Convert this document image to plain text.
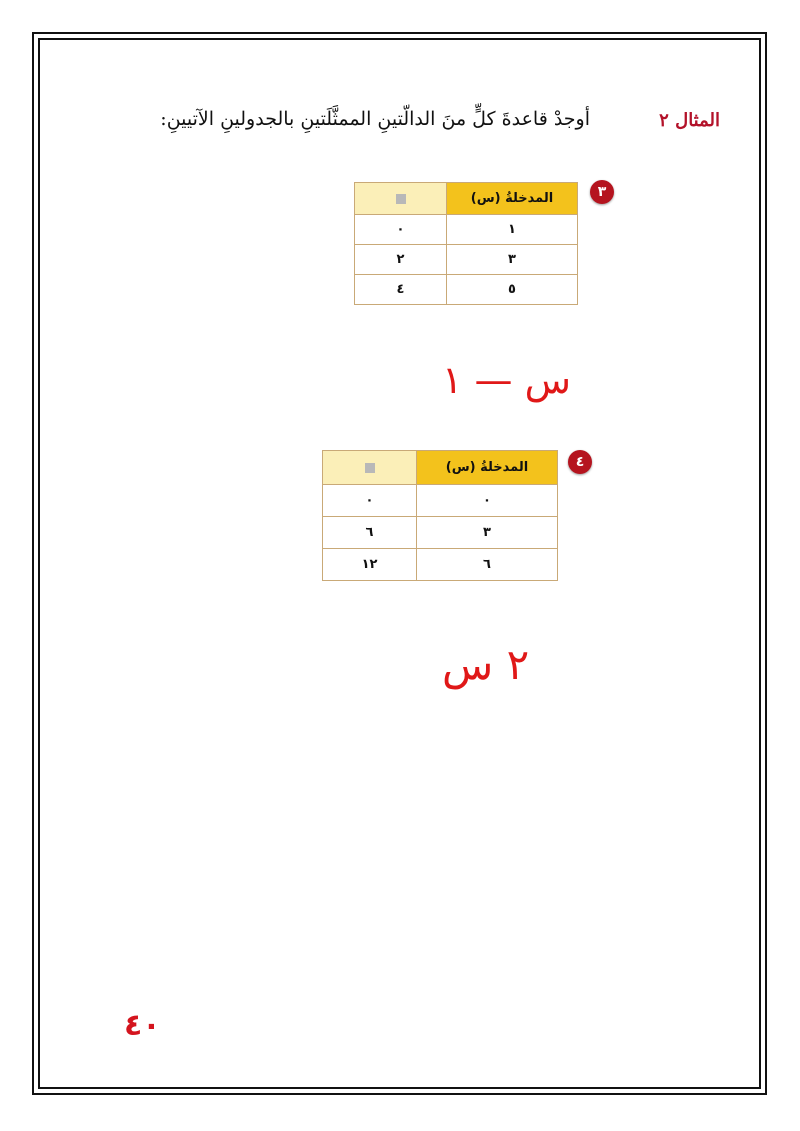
المثال ٢
أوجدْ قاعدةَ كلٍّ منَ الدالّتينِ الممثَّلَتينِ بالجدولينِ الآتيينِ:
٣
المدخلةُ (س)	
١	٠
٣	٢
٥	٤
س — ١
٤
المدخلةُ (س)	
٠	٠
٣	٦
٦	١٢
٢ س
٤٠
